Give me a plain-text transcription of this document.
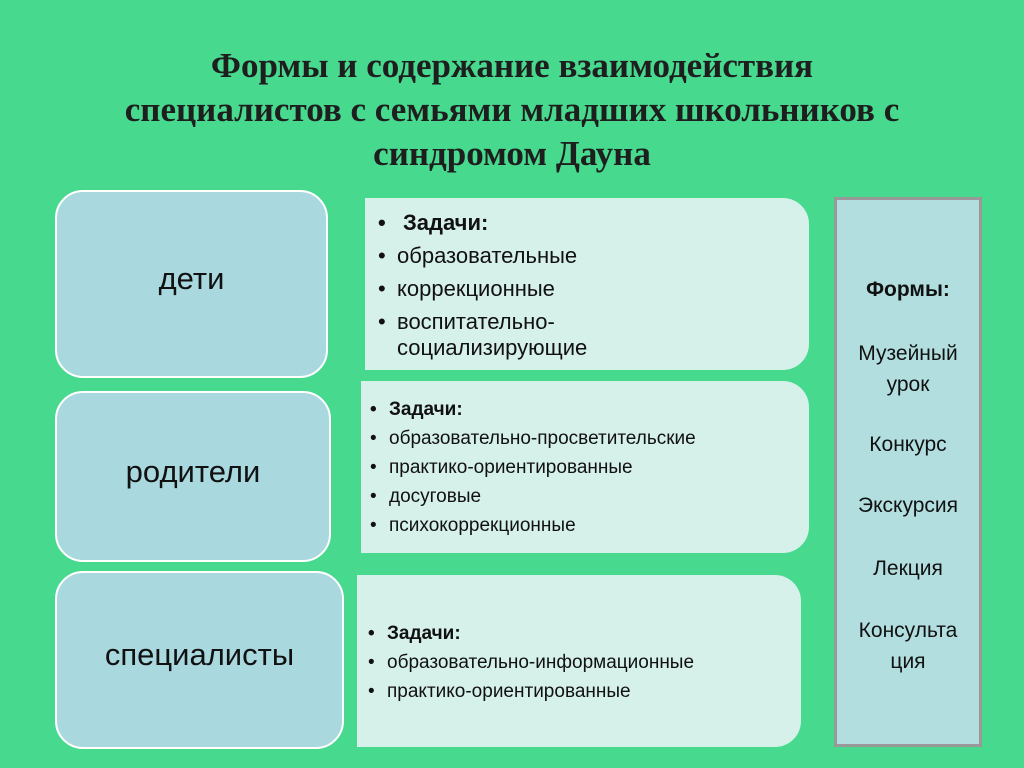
Формы и содержание взаимодействия
специалистов с семьями младших школьников с
синдромом Дауна
дети
• Задачи:
• образовательные
• коррекционные
• воспитательно-
социализирующие
родители
• Задачи:
• образовательно-просветительские
• практико-ориентированные
• досуговые
• психокоррекционные
специалисты
• Задачи:
• образовательно-информационные
• практико-ориентированные
Формы:
Музейный
урок
Конкурс
Экскурсия
Лекция
Консульта
ция
